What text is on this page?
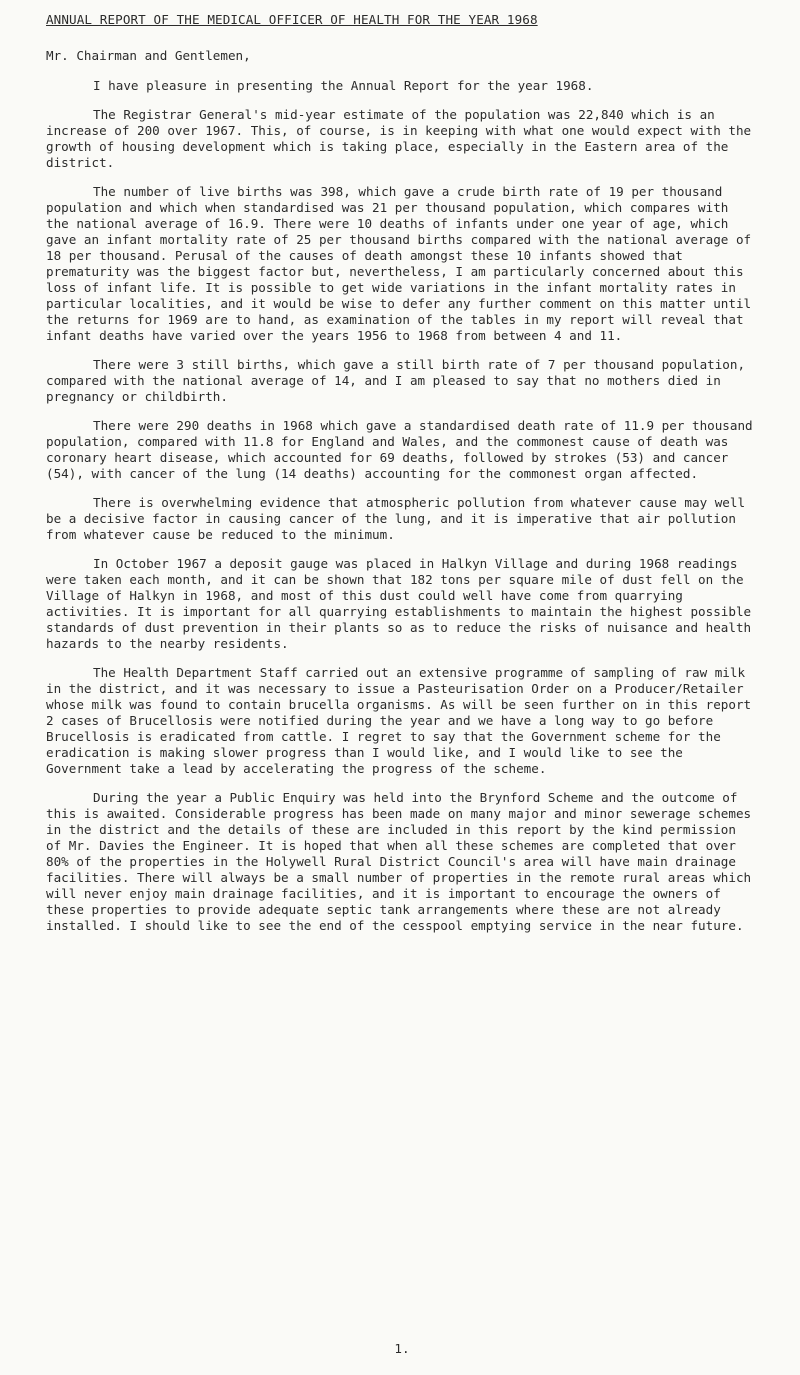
ANNUAL REPORT OF THE MEDICAL OFFICER OF HEALTH FOR THE YEAR 1968
Mr. Chairman and Gentlemen,

I have pleasure in presenting the Annual Report for the year 1968.

The Registrar General's mid-year estimate of the population was 22,840 which is an increase of 200 over 1967. This, of course, is in keeping with what one would expect with the growth of housing development which is taking place, especially in the Eastern area of the district.

The number of live births was 398, which gave a crude birth rate of 19 per thousand population and which when standardised was 21 per thousand population, which compares with the national average of 16.9. There were 10 deaths of infants under one year of age, which gave an infant mortality rate of 25 per thousand births compared with the national average of 18 per thousand. Perusal of the causes of death amongst these 10 infants showed that prematurity was the biggest factor but, nevertheless, I am particularly concerned about this loss of infant life. It is possible to get wide variations in the infant mortality rates in particular localities, and it would be wise to defer any further comment on this matter until the returns for 1969 are to hand, as examination of the tables in my report will reveal that infant deaths have varied over the years 1956 to 1968 from between 4 and 11.

There were 3 still births, which gave a still birth rate of 7 per thousand population, compared with the national average of 14, and I am pleased to say that no mothers died in pregnancy or childbirth.

There were 290 deaths in 1968 which gave a standardised death rate of 11.9 per thousand population, compared with 11.8 for England and Wales, and the commonest cause of death was coronary heart disease, which accounted for 69 deaths, followed by strokes (53) and cancer (54), with cancer of the lung (14 deaths) accounting for the commonest organ affected.

There is overwhelming evidence that atmospheric pollution from whatever cause may well be a decisive factor in causing cancer of the lung, and it is imperative that air pollution from whatever cause be reduced to the minimum.

In October 1967 a deposit gauge was placed in Halkyn Village and during 1968 readings were taken each month, and it can be shown that 182 tons per square mile of dust fell on the Village of Halkyn in 1968, and most of this dust could well have come from quarrying activities. It is important for all quarrying establishments to maintain the highest possible standards of dust prevention in their plants so as to reduce the risks of nuisance and health hazards to the nearby residents.

The Health Department Staff carried out an extensive programme of sampling of raw milk in the district, and it was necessary to issue a Pasteurisation Order on a Producer/Retailer whose milk was found to contain brucella organisms. As will be seen further on in this report 2 cases of Brucellosis were notified during the year and we have a long way to go before Brucellosis is eradicated from cattle. I regret to say that the Government scheme for the eradication is making slower progress than I would like, and I would like to see the Government take a lead by accelerating the progress of the scheme.

During the year a Public Enquiry was held into the Brynford Scheme and the outcome of this is awaited. Considerable progress has been made on many major and minor sewerage schemes in the district and the details of these are included in this report by the kind permission of Mr. Davies the Engineer. It is hoped that when all these schemes are completed that over 80% of the properties in the Holywell Rural District Council's area will have main drainage facilities. There will always be a small number of properties in the remote rural areas which will never enjoy main drainage facilities, and it is important to encourage the owners of these properties to provide adequate septic tank arrangements where these are not already installed. I should like to see the end of the cesspool emptying service in the near future.

1.
